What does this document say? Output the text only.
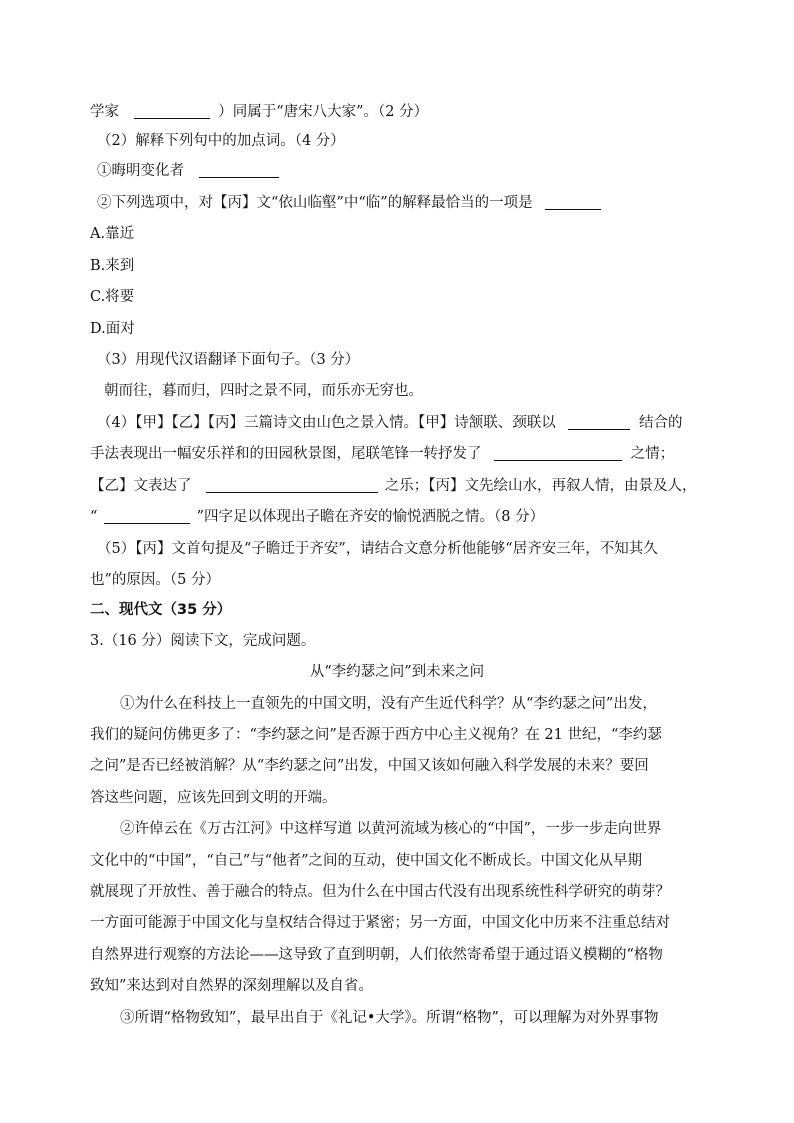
学家	）同属于“唐宋八大家”。（2 分）
（2）解释下列句中的加点词。（4 分）
①晦明变化者
②下列选项中，对【丙】文“依山临壑”中“临”的解释最恰当的一项是
A.靠近
B.来到
C.将要
D.面对
（3）用现代汉语翻译下面句子。（3 分）
朝而往，暮而归，四时之景不同，而乐亦无穷也。
（4）【甲】【乙】【丙】三篇诗文由山色之景入情。【甲】诗颔联、颈联以	结合的
手法表现出一幅安乐祥和的田园秋景图，尾联笔锋一转抒发了	之情；
【乙】文表达了	之乐；【丙】文先绘山水，再叙人情，由景及人，
“	”四字足以体现出子瞻在齐安的愉悦洒脱之情。（8 分）
（5）【丙】文首句提及“子瞻迁于齐安”，请结合文意分析他能够“居齐安三年，不知其久
也”的原因。（5 分）
二、现代文（35 分）
3.（16 分）阅读下文，完成问题。
从“李约瑟之问”到未来之问
①为什么在科技上一直领先的中国文明，没有产生近代科学？从“李约瑟之问”出发，
我们的疑问仿佛更多了：“李约瑟之问”是否源于西方中心主义视角？在 21 世纪，“李约瑟
之问”是否已经被消解？从“李约瑟之问”出发，中国又该如何融入科学发展的未来？要回
答这些问题，应该先回到文明的开端。
②许倬云在《万古江河》中这样写道 以黄河流域为核心的“中国”，一步一步走向世界
文化中的“中国”，“自己”与“他者”之间的互动，使中国文化不断成长。中国文化从早期
就展现了开放性、善于融合的特点。但为什么在中国古代没有出现系统性科学研究的萌芽？
一方面可能源于中国文化与皇权结合得过于紧密；另一方面，中国文化中历来不注重总结对
自然界进行观察的方法论——这导致了直到明朝，人们依然寄希望于通过语义模糊的“格物
致知”来达到对自然界的深刻理解以及自省。
③所谓“格物致知”，最早出自于《礼记•大学》。所谓“格物”，可以理解为对外界事物
